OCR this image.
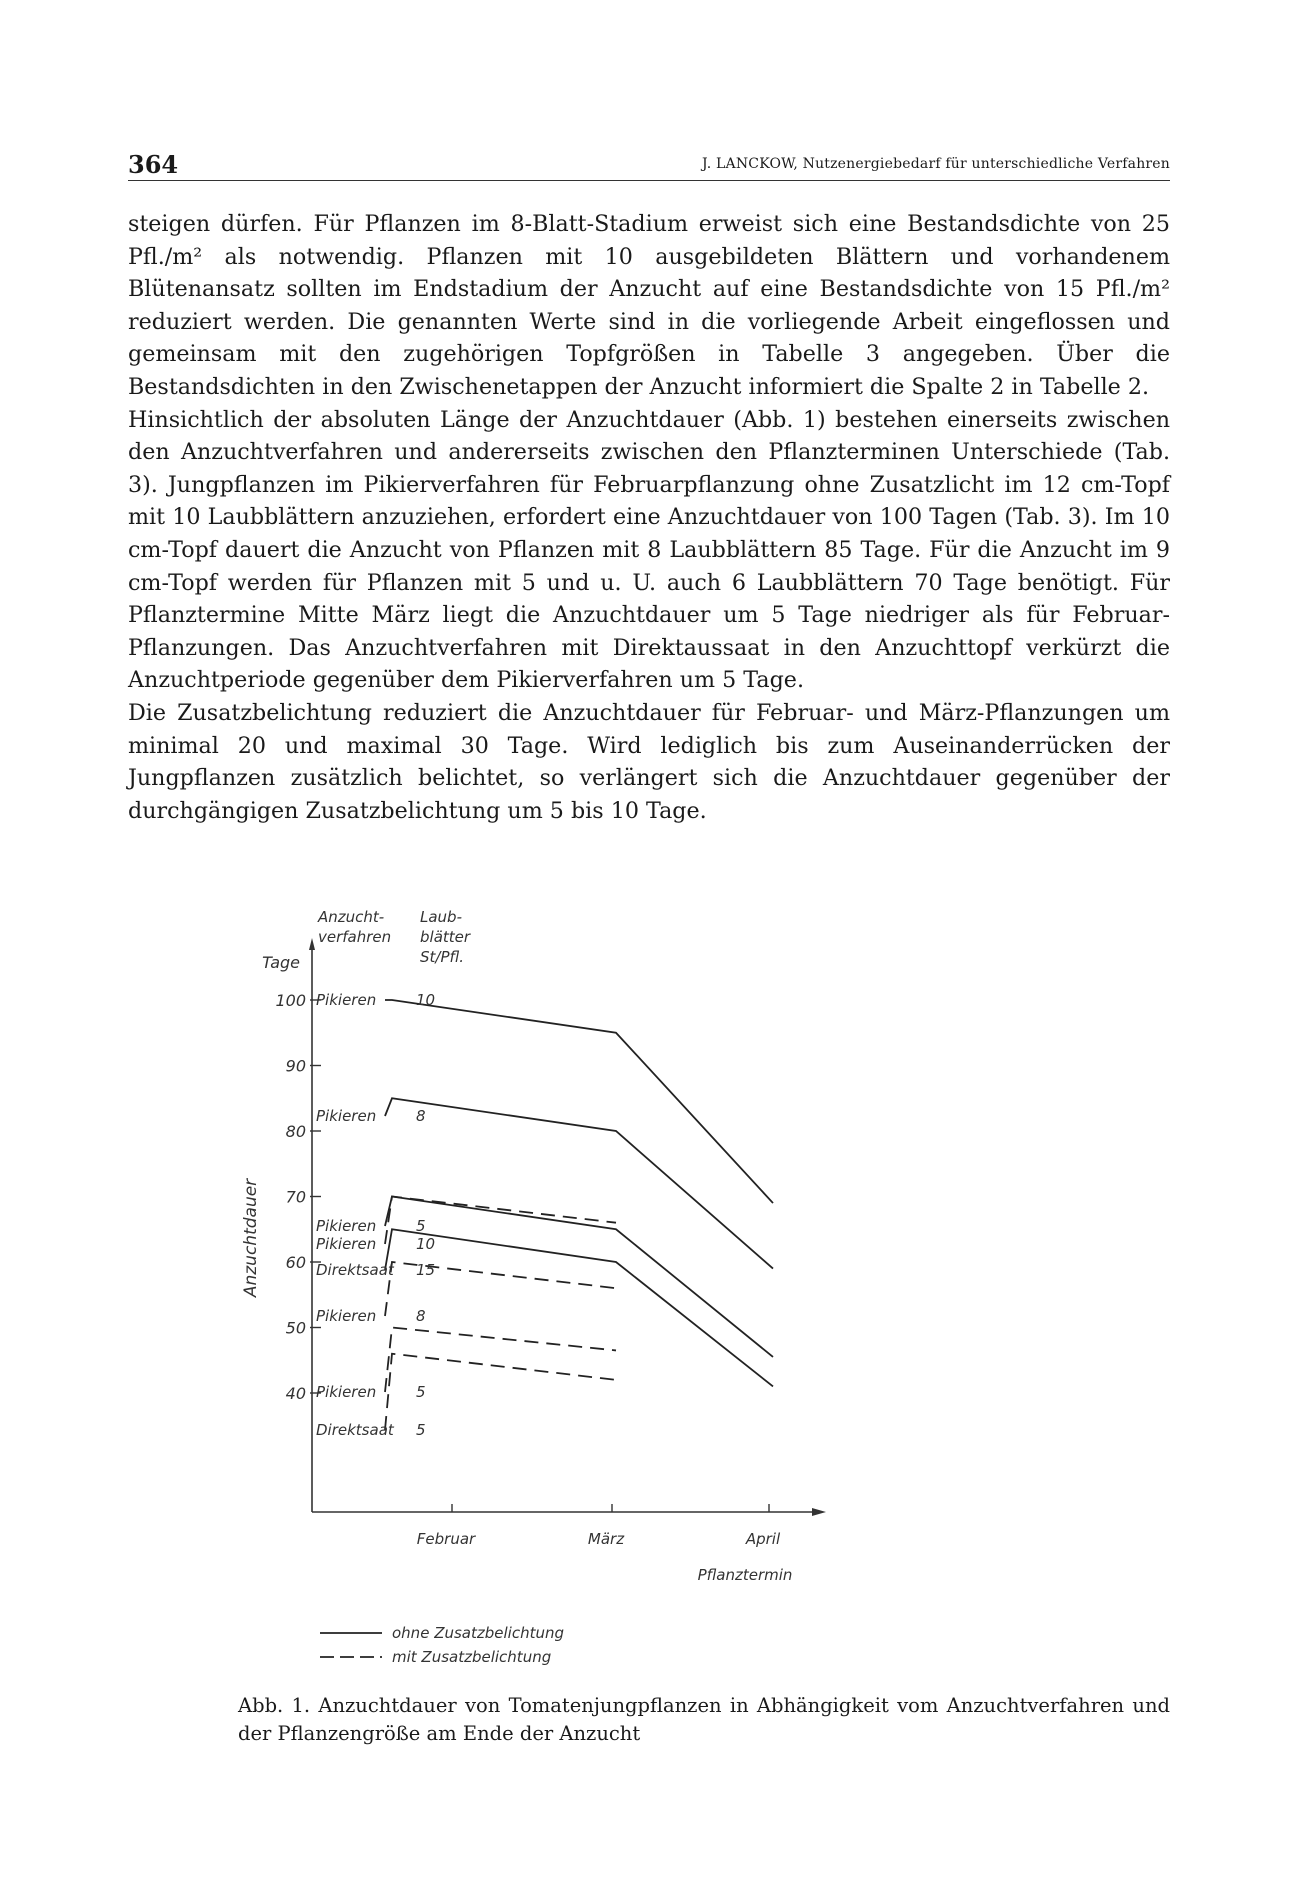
364	J. LANCKOW, Nutzenergiebedarf für unterschiedliche Verfahren

steigen dürfen. Für Pflanzen im 8-Blatt-Stadium erweist sich eine Bestandsdichte von 25 Pfl./m² als notwendig. Pflanzen mit 10 ausgebildeten Blättern und vorhandenem Blütenansatz sollten im Endstadium der Anzucht auf eine Bestandsdichte von 15 Pfl./m² reduziert werden. Die genannten Werte sind in die vorliegende Arbeit eingeflossen und gemeinsam mit den zugehörigen Topfgrößen in Tabelle 3 angegeben. Über die Bestandsdichten in den Zwischenetappen der Anzucht informiert die Spalte 2 in Tabelle 2.

Hinsichtlich der absoluten Länge der Anzuchtdauer (Abb. 1) bestehen einerseits zwischen den Anzuchtverfahren und andererseits zwischen den Pflanzterminen Unterschiede (Tab. 3). Jungpflanzen im Pikierverfahren für Februarpflanzung ohne Zusatzlicht im 12 cm-Topf mit 10 Laubblättern anzuziehen, erfordert eine Anzuchtdauer von 100 Tagen (Tab. 3). Im 10 cm-Topf dauert die Anzucht von Pflanzen mit 8 Laubblättern 85 Tage. Für die Anzucht im 9 cm-Topf werden für Pflanzen mit 5 und u. U. auch 6 Laubblättern 70 Tage benötigt. Für Pflanztermine Mitte März liegt die Anzuchtdauer um 5 Tage niedriger als für Februar-Pflanzungen. Das Anzuchtverfahren mit Direktaussaat in den Anzuchttopf verkürzt die Anzuchtperiode gegenüber dem Pikierverfahren um 5 Tage.

Die Zusatzbelichtung reduziert die Anzuchtdauer für Februar- und März-Pflanzungen um minimal 20 und maximal 30 Tage. Wird lediglich bis zum Auseinanderrücken der Jungpflanzen zusätzlich belichtet, so verlängert sich die Anzuchtdauer gegenüber der durchgängigen Zusatzbelichtung um 5 bis 10 Tage.

100
90
80
70
60
50
40
Februar	März	April
Pflanztermin
Tage
Anzuchtdauer
Anzucht-
verfahren
Laub-
blätter
St/Pfl.
Pikieren	10
Pikieren	8
Pikieren	5
Pikieren	10
Direktsaat 15
Pikieren	8
Pikieren	5
Direktsaat 5
ohne Zusatzbelichtung
mit Zusatzbelichtung
Abb. 1. Anzuchtdauer von Tomatenjungpflanzen in Abhängigkeit vom Anzuchtverfahren und der Pflanzengröße am Ende der Anzucht
